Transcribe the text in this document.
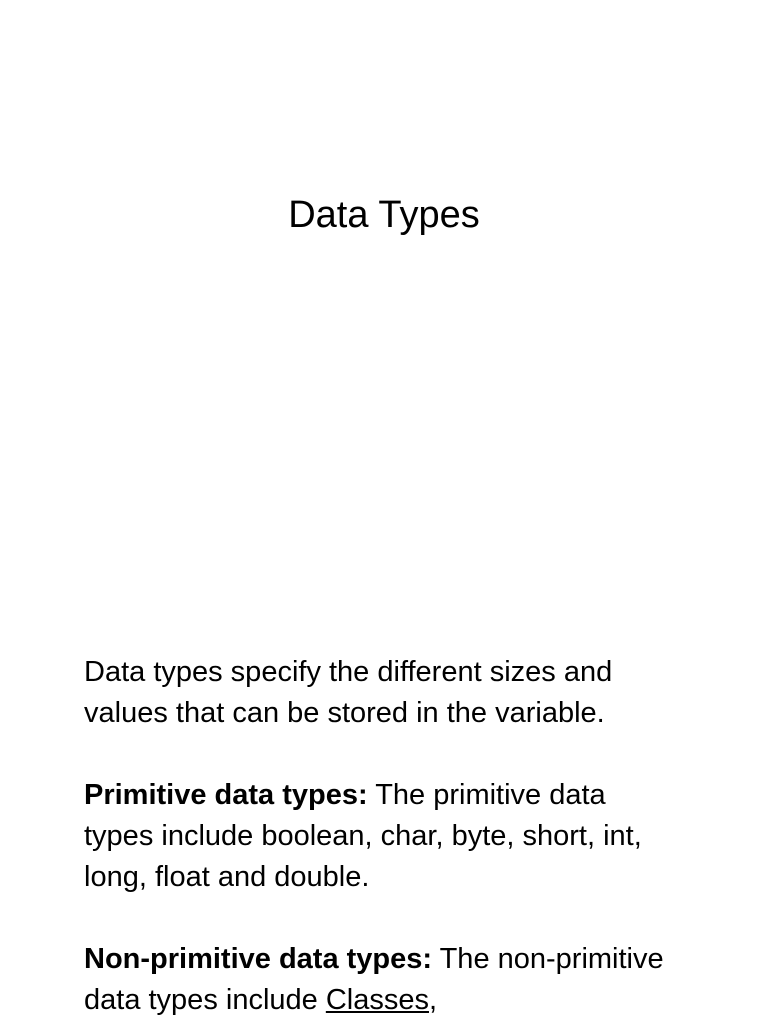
Data Types

Data types specify the different sizes and values that can be stored in the variable.

Primitive data types: The primitive data types include boolean, char, byte, short, int, long, float and double.

Non-primitive data types: The non-primitive data types include Classes,
